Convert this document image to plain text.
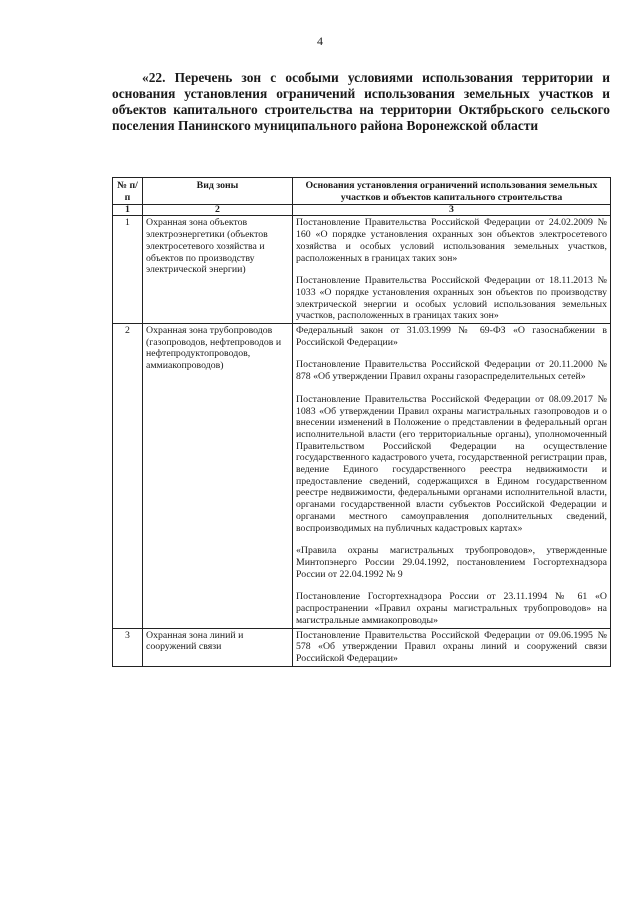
4
«22. Перечень зон с особыми условиями использования территории и основания установления ограничений использования земельных участков и объектов капитального строительства на территории Октябрьского сельского поселения Панинского муниципального района Воронежской области
№ п/п	Вид зоны	Основания установления ограничений использования земельных участков и объектов капитального строительства
1	2	3
1	Охранная зона объектов электроэнергетики (объектов электросетевого хозяйства и объектов по производству электрической энергии)	Постановление Правительства Российской Федерации от 24.02.2009 № 160 «О порядке установления охранных зон объектов электросетевого хозяйства и особых условий использования земельных участков, расположенных в границах таких зон»

Постановление Правительства Российской Федерации от 18.11.2013 № 1033 «О порядке установления охранных зон объектов по производству электрической энергии и особых условий использования земельных участков, расположенных в границах таких зон»

2	Охранная зона трубопроводов (газопроводов, нефтепроводов и нефтепродуктопроводов, аммиакопроводов)	Федеральный закон от 31.03.1999 № 69-ФЗ «О газоснабжении в Российской Федерации»

Постановление Правительства Российской Федерации от 20.11.2000 № 878 «Об утверждении Правил охраны газораспределительных сетей»

Постановление Правительства Российской Федерации от 08.09.2017 № 1083 «Об утверждении Правил охраны магистральных газопроводов и о внесении изменений в Положение о представлении в федеральный орган исполнительной власти (его территориальные органы), уполномоченный Правительством Российской Федерации на осуществление государственного кадастрового учета, государственной регистрации прав, ведение Единого государственного реестра недвижимости и предоставление сведений, содержащихся в Едином государственном реестре недвижимости, федеральными органами исполнительной власти, органами государственной власти субъектов Российской Федерации и органами местного самоуправления дополнительных сведений, воспроизводимых на публичных кадастровых картах»

«Правила охраны магистральных трубопроводов», утвержденные Минтопэнерго России 29.04.1992, постановлением Госгортехнадзора России от 22.04.1992 № 9

Постановление Госгортехнадзора России от 23.11.1994 № 61 «О распространении «Правил охраны магистральных трубопроводов» на магистральные аммиакопроводы»

3	Охранная зона линий и сооружений связи	Постановление Правительства Российской Федерации от 09.06.1995 № 578 «Об утверждении Правил охраны линий и сооружений связи Российской Федерации»
